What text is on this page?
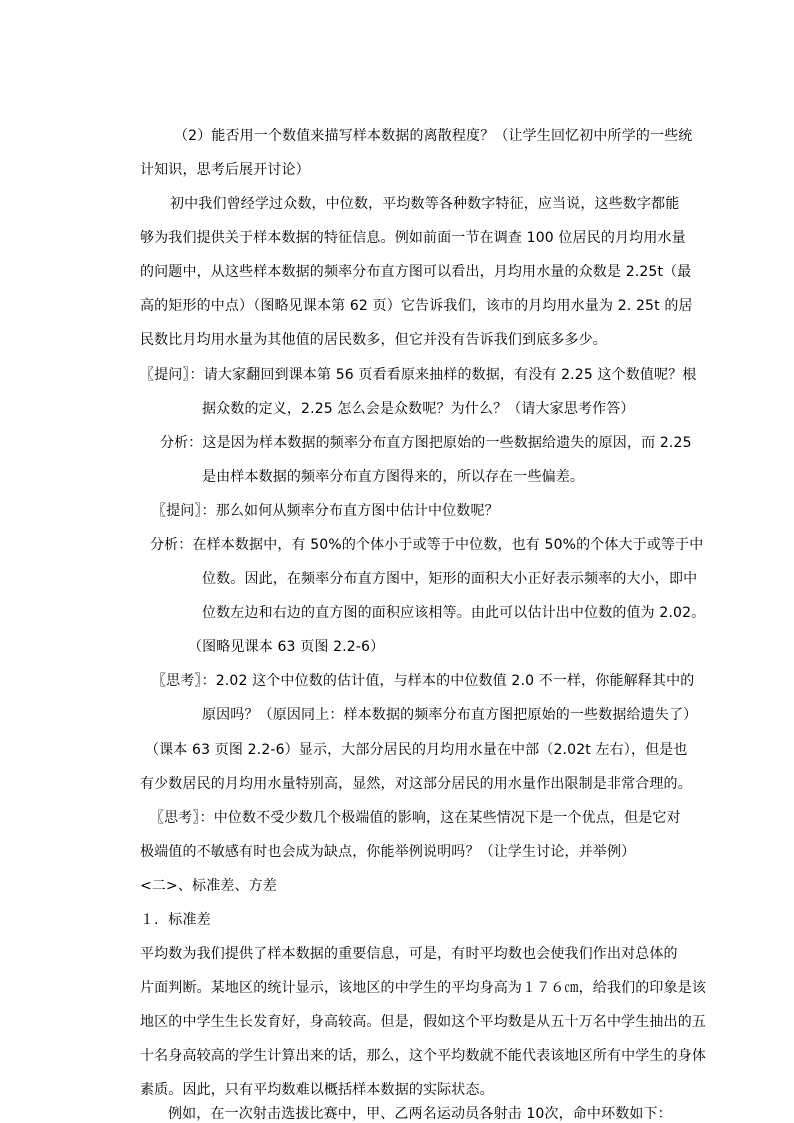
（2）能否用一个数值来描写样本数据的离散程度？（让学生回忆初中所学的一些统
计知识，思考后展开讨论）
初中我们曾经学过众数，中位数，平均数等各种数字特征，应当说，这些数字都能
够为我们提供关于样本数据的特征信息。例如前面一节在调查 100 位居民的月均用水量
的问题中，从这些样本数据的频率分布直方图可以看出，月均用水量的众数是 2.25t（最
高的矩形的中点）（图略见课本第 62 页）它告诉我们，该市的月均用水量为 2. 25t 的居
民数比月均用水量为其他值的居民数多，但它并没有告诉我们到底多多少。
〖提问〗：请大家翻回到课本第 56 页看看原来抽样的数据，有没有 2.25 这个数值呢？根
据众数的定义，2.25 怎么会是众数呢？为什么？（请大家思考作答）
分析：这是因为样本数据的频率分布直方图把原始的一些数据给遗失的原因，而 2.25
是由样本数据的频率分布直方图得来的，所以存在一些偏差。
〖提问〗：那么如何从频率分布直方图中估计中位数呢？
分析：在样本数据中，有 50%的个体小于或等于中位数，也有 50%的个体大于或等于中
位数。因此，在频率分布直方图中，矩形的面积大小正好表示频率的大小，即中
位数左边和右边的直方图的面积应该相等。由此可以估计出中位数的值为 2.02。
（图略见课本 63 页图 2.2-6）
〖思考〗：2.02 这个中位数的估计值，与样本的中位数值 2.0 不一样，你能解释其中的
原因吗？（原因同上：样本数据的频率分布直方图把原始的一些数据给遗失了）
（课本 63 页图 2.2-6）显示，大部分居民的月均用水量在中部（2.02t 左右），但是也
有少数居民的月均用水量特别高，显然，对这部分居民的用水量作出限制是非常合理的。
〖思考〗：中位数不受少数几个极端值的影响，这在某些情况下是一个优点，但是它对
极端值的不敏感有时也会成为缺点，你能举例说明吗？（让学生讨论，并举例）
<二>、标准差、方差
１．标准差
平均数为我们提供了样本数据的重要信息，可是，有时平均数也会使我们作出对总体的
片面判断。某地区的统计显示，该地区的中学生的平均身高为１７６㎝，给我们的印象是该
地区的中学生生长发育好，身高较高。但是，假如这个平均数是从五十万名中学生抽出的五
十名身高较高的学生计算出来的话，那么，这个平均数就不能代表该地区所有中学生的身体
素质。因此，只有平均数难以概括样本数据的实际状态。
例如，在一次射击选拔比赛中，甲、乙两名运动员各射击 10次，命中环数如下：
